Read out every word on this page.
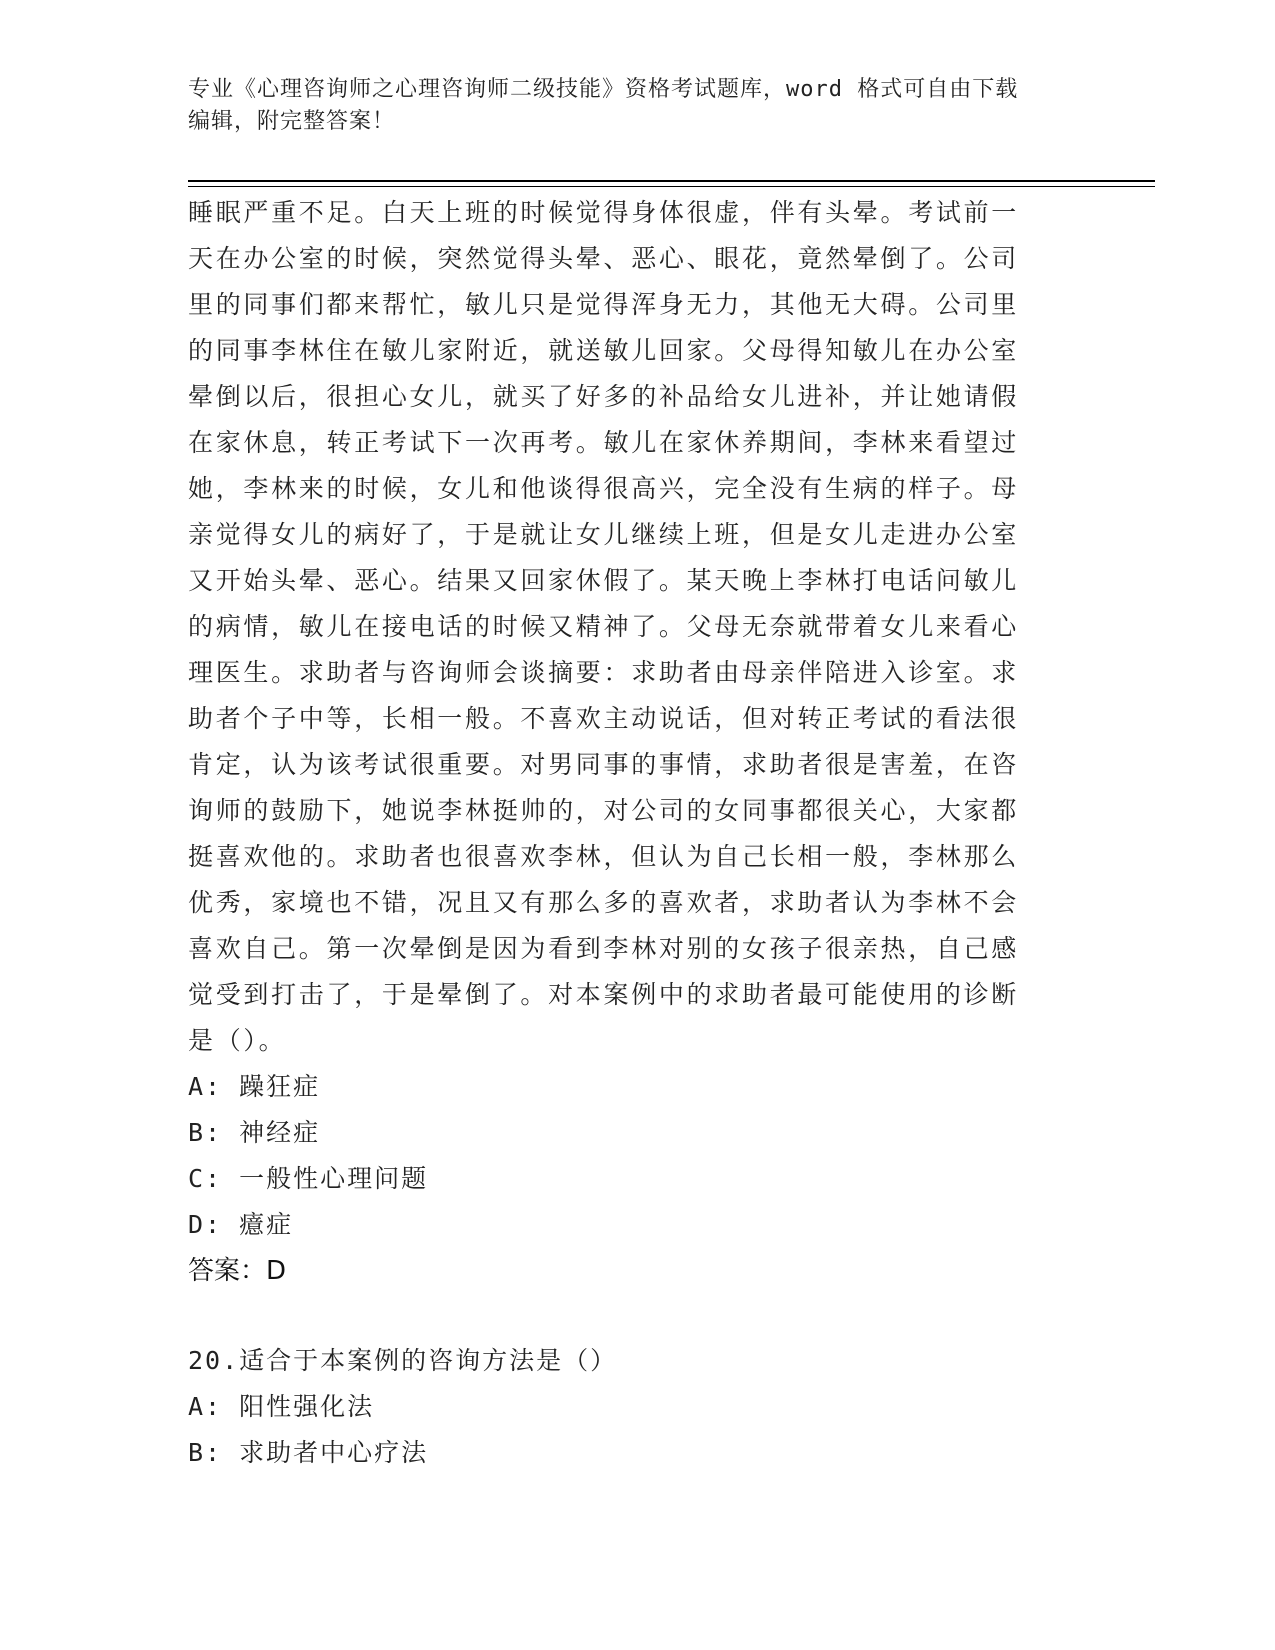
专业《心理咨询师之心理咨询师二级技能》资格考试题库，word 格式可自由下载
编辑，附完整答案！

睡眠严重不足。白天上班的时候觉得身体很虚，伴有头晕。考试前一

天在办公室的时候，突然觉得头晕、恶心、眼花，竟然晕倒了。公司

里的同事们都来帮忙，敏儿只是觉得浑身无力，其他无大碍。公司里

的同事李林住在敏儿家附近，就送敏儿回家。父母得知敏儿在办公室

晕倒以后，很担心女儿，就买了好多的补品给女儿进补，并让她请假

在家休息，转正考试下一次再考。敏儿在家休养期间，李林来看望过

她，李林来的时候，女儿和他谈得很高兴，完全没有生病的样子。母

亲觉得女儿的病好了，于是就让女儿继续上班，但是女儿走进办公室

又开始头晕、恶心。结果又回家休假了。某天晚上李林打电话问敏儿

的病情，敏儿在接电话的时候又精神了。父母无奈就带着女儿来看心

理医生。求助者与咨询师会谈摘要：求助者由母亲伴陪进入诊室。求

助者个子中等，长相一般。不喜欢主动说话，但对转正考试的看法很

肯定，认为该考试很重要。对男同事的事情，求助者很是害羞，在咨

询师的鼓励下，她说李林挺帅的，对公司的女同事都很关心，大家都

挺喜欢他的。求助者也很喜欢李林，但认为自己长相一般，李林那么

优秀，家境也不错，况且又有那么多的喜欢者，求助者认为李林不会

喜欢自己。第一次晕倒是因为看到李林对别的女孩子很亲热，自己感

觉受到打击了，于是晕倒了。对本案例中的求助者最可能使用的诊断

是（）。

A: 躁狂症

B: 神经症

C: 一般性心理问题

D: 癔症

答案：D

20.适合于本案例的咨询方法是（）

A: 阳性强化法

B: 求助者中心疗法
